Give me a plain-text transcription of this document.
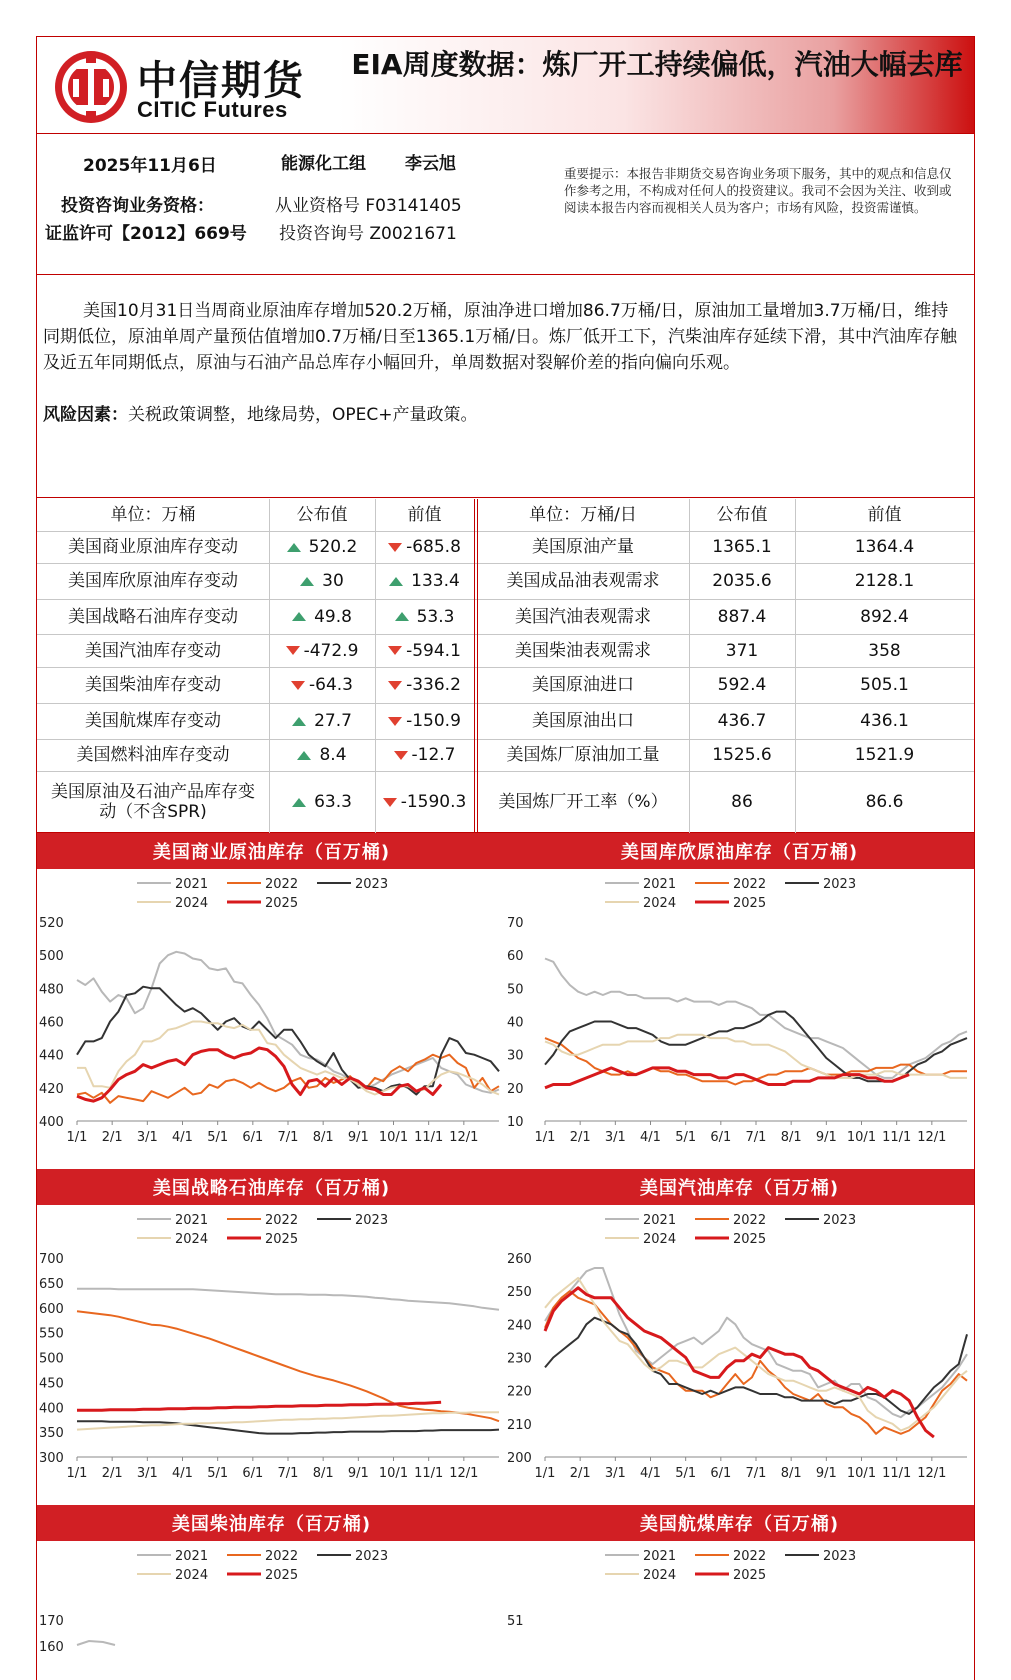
中信期货
CITIC Futures
EIA周度数据：炼厂开工持续偏低，汽油大幅去库
2025年11月6日	能源化工组 李云旭
投资咨询业务资格：
证监许可【2012】669号
从业资格号 F03141405
投资咨询号 Z0021671
重要提示：本报告非期货交易咨询业务项下服务，其中的观点和信息仅作参考之用，不构成对任何人的投资建议。我司不会因为关注、收到或阅读本报告内容而视相关人员为客户；市场有风险，投资需谨慎。

美国10月31日当周商业原油库存增加520.2万桶，原油净进口增加86.7万桶/日，原油加工量增加3.7万桶/日，维持同期低位，原油单周产量预估值增加0.7万桶/日至1365.1万桶/日。炼厂低开工下，汽柴油库存延续下滑，其中汽油库存触及近五年同期低点，原油与石油产品总库存小幅回升，单周数据对裂解价差的指向偏向乐观。

风险因素：关税政策调整，地缘局势，OPEC+产量政策。
单位：万桶	公布值	前值	单位：万桶/日	公布值	前值
美国商业原油库存变动	520.2	-685.8
美国库欣原油库存变动	30	133.4
美国战略石油库存变动	49.8	53.3
美国汽油库存变动	-472.9	-594.1
美国柴油库存变动	-64.3	-336.2
美国航煤库存变动	27.7	-150.9
美国燃料油库存变动	8.4	-12.7
美国原油及石油产品库存变动（不含SPR)	63.3	-1590.3
美国原油产量	1365.1	1364.4
美国成品油表观需求	2035.6	2128.1
美国汽油表观需求	887.4	892.4
美国柴油表观需求	371	358
美国原油进口	592.4	505.1
美国原油出口	436.7	436.1
美国炼厂原油加工量	1525.6	1521.9
美国炼厂开工率（%）	86	86.6
美国商业原油库存（百万桶)
2021	2022	2023
2024	2025
400
420
440
460
480
500
520
1/1 2/1 3/1 4/1 5/1 6/1 7/1 8/1 9/1 10/1 11/1 12/1
美国库欣原油库存（百万桶)
2021	2022	2023
2024	2025
10
20
30
40
50
60
70
1/1 2/1 3/1 4/1 5/1 6/1 7/1 8/1 9/1 10/1 11/1 12/1
美国战略石油库存（百万桶)
2021	2022	2023
2024	2025
300
350
400
450
500
550
600
650
700
1/1 2/1 3/1 4/1 5/1 6/1 7/1 8/1 9/1 10/1 11/1 12/1
美国汽油库存（百万桶)
2021	2022	2023
2024	2025
200
210
220
230
240
250
260
1/1 2/1 3/1 4/1 5/1 6/1 7/1 8/1 9/1 10/1 11/1 12/1
美国柴油库存（百万桶)
2021	2022	2023
2024	2025
170
160
美国航煤库存（百万桶)
2021	2022	2023
2024	2025
51
